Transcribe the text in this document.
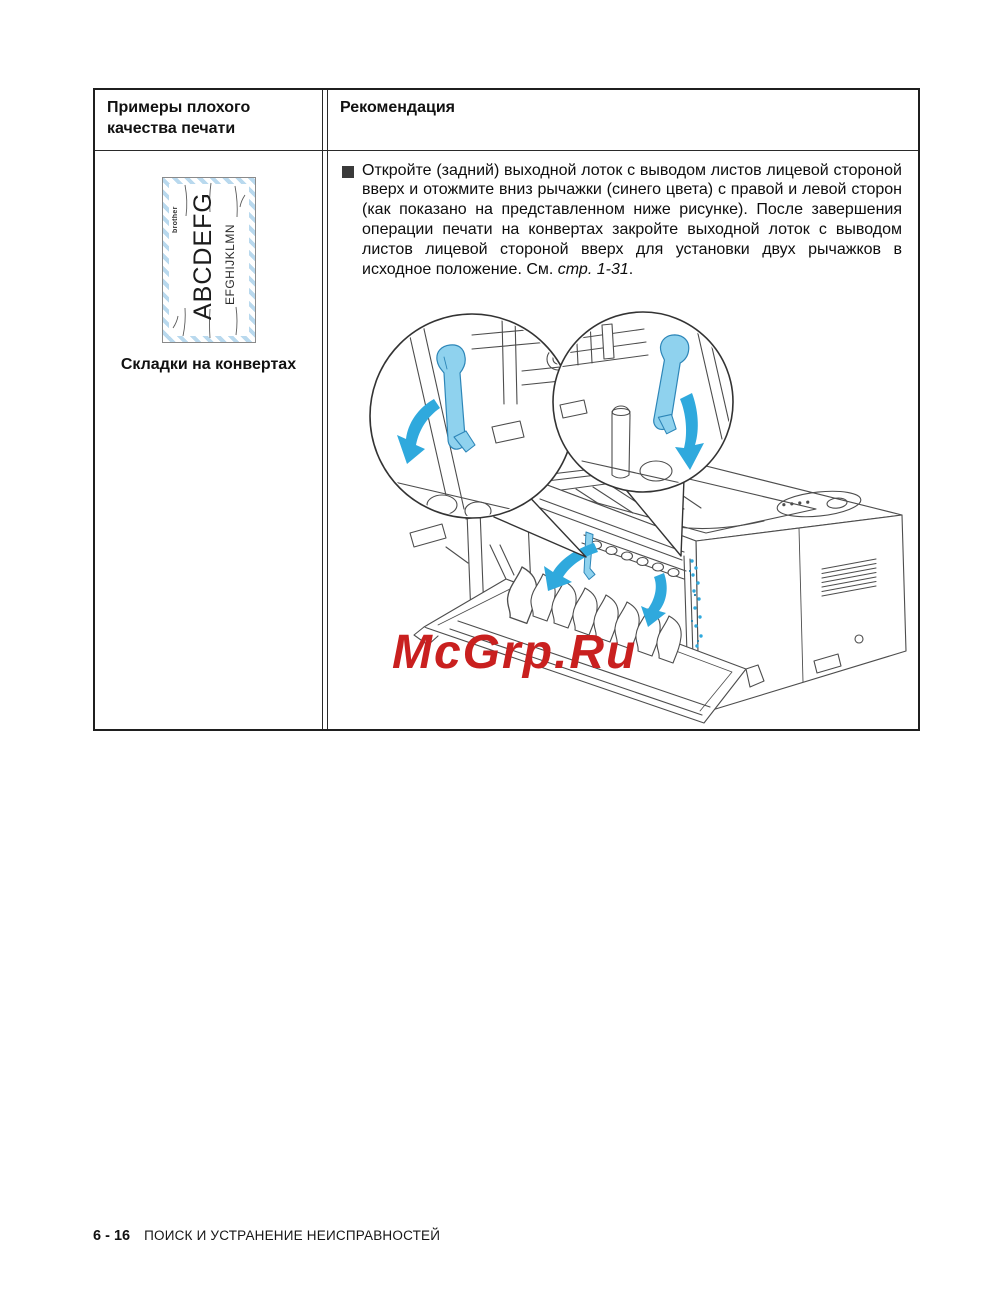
Примеры плохого качества печати
Рекомендация
brother ABCDEFG EFGHIJKLMN
Складки на конвертах
Откройте (задний) выходной лоток с выводом листов лицевой стороной вверх и отожмите вниз рычажки (синего цвета) с правой и левой сторон (как показано на представленном ниже рисунке). После завершения операции печати на конвертах закройте выходной лоток с выводом листов лицевой стороной вверх для установки двух рычажков в исходное положение. См. стр. 1-31.
McGrp.Ru
6 - 16 ПОИСК И УСТРАНЕНИЕ НЕИСПРАВНОСТЕЙ
